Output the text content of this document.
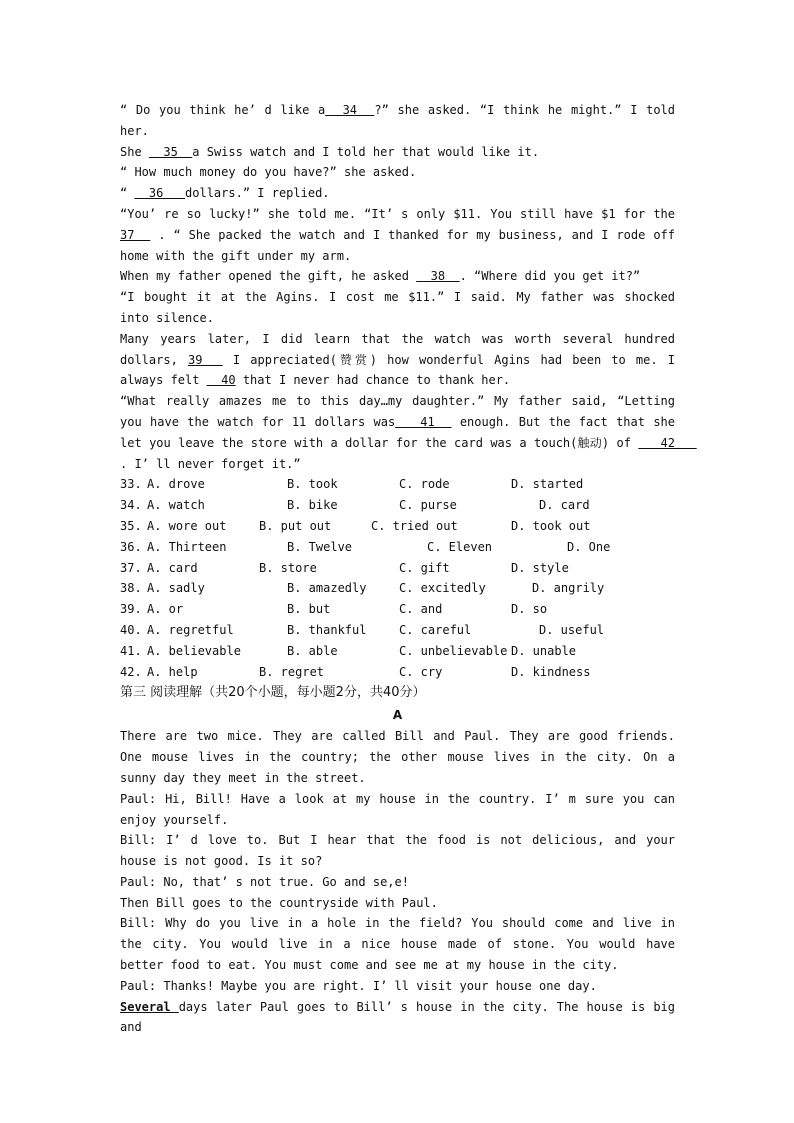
“ Do you think he’ d like a  34  ?” she asked. “I think he might.” I told her.
She   35  a Swiss watch and I told her that would like it.
“ How much money do you have?” she asked.
“   36   dollars.” I replied.
“You’ re so lucky!” she told me. “It’ s only $11. You still have $1 for the 37   . “ She packed the watch and I thanked for my business, and I rode off home with the gift under my arm.
When my father opened the gift, he asked   38  . “Where did you get it?”
“I bought it at the Agins. I cost me $11.” I said. My father was shocked into silence.
Many years later, I did learn that the watch was worth several hundred dollars, 39   I appreciated(赞赏) how wonderful Agins had been to me. I always felt   40 that I never had chance to thank her.
“What really amazes me to this day…my daughter.” My father said, “Letting you have the watch for 11 dollars was   41   enough. But the fact that she let you leave the store with a dollar for the card was a touch(触动) of    42    . I’ ll never forget it.”

33.

A. drove

	B. took

	C. rode

	D. started

34.

A. watch

	B. bike

	C. purse

	D. card

35.

A. wore out

	B. put out

	C. tried out

	D. took out

36.

A. Thirteen

	B. Twelve

	C. Eleven

	D. One

37.

A. card

	B. store

	C. gift

	D. style

38.

A. sadly

	B. amazedly

	C. excitedly

	D. angrily

39.

A. or

	B. but

	C. and

	D. so

40.

A. regretful

	B. thankful

	C. careful

	D. useful

41.

A. believable

	B. able

	C. unbelievable

D. unable

42.

A. help

	B. regret

	C. cry

	D. kindness

第三 阅读理解（共20个小题，每小题2分，共40分）
A
There are two mice. They are called Bill and Paul. They are good friends. One mouse lives in the country; the other mouse lives in the city. On a sunny day they meet in the street.
Paul: Hi, Bill! Have a look at my house in the country. I’ m sure you can enjoy yourself.
Bill: I’ d love to. But I hear that the food is not delicious, and your house is not good. Is it so?
Paul: No, that’ s not true. Go and se,e!
Then Bill goes to the countryside with Paul.
Bill: Why do you live in a hole in the field? You should come and live in the city. You would live in a nice house made of stone. You would have better food to eat. You must come and see me at my house in the city.
Paul: Thanks! Maybe you are right. I’ ll visit your house one day.
Several days later Paul goes to Bill’ s house in the city. The house is big and
